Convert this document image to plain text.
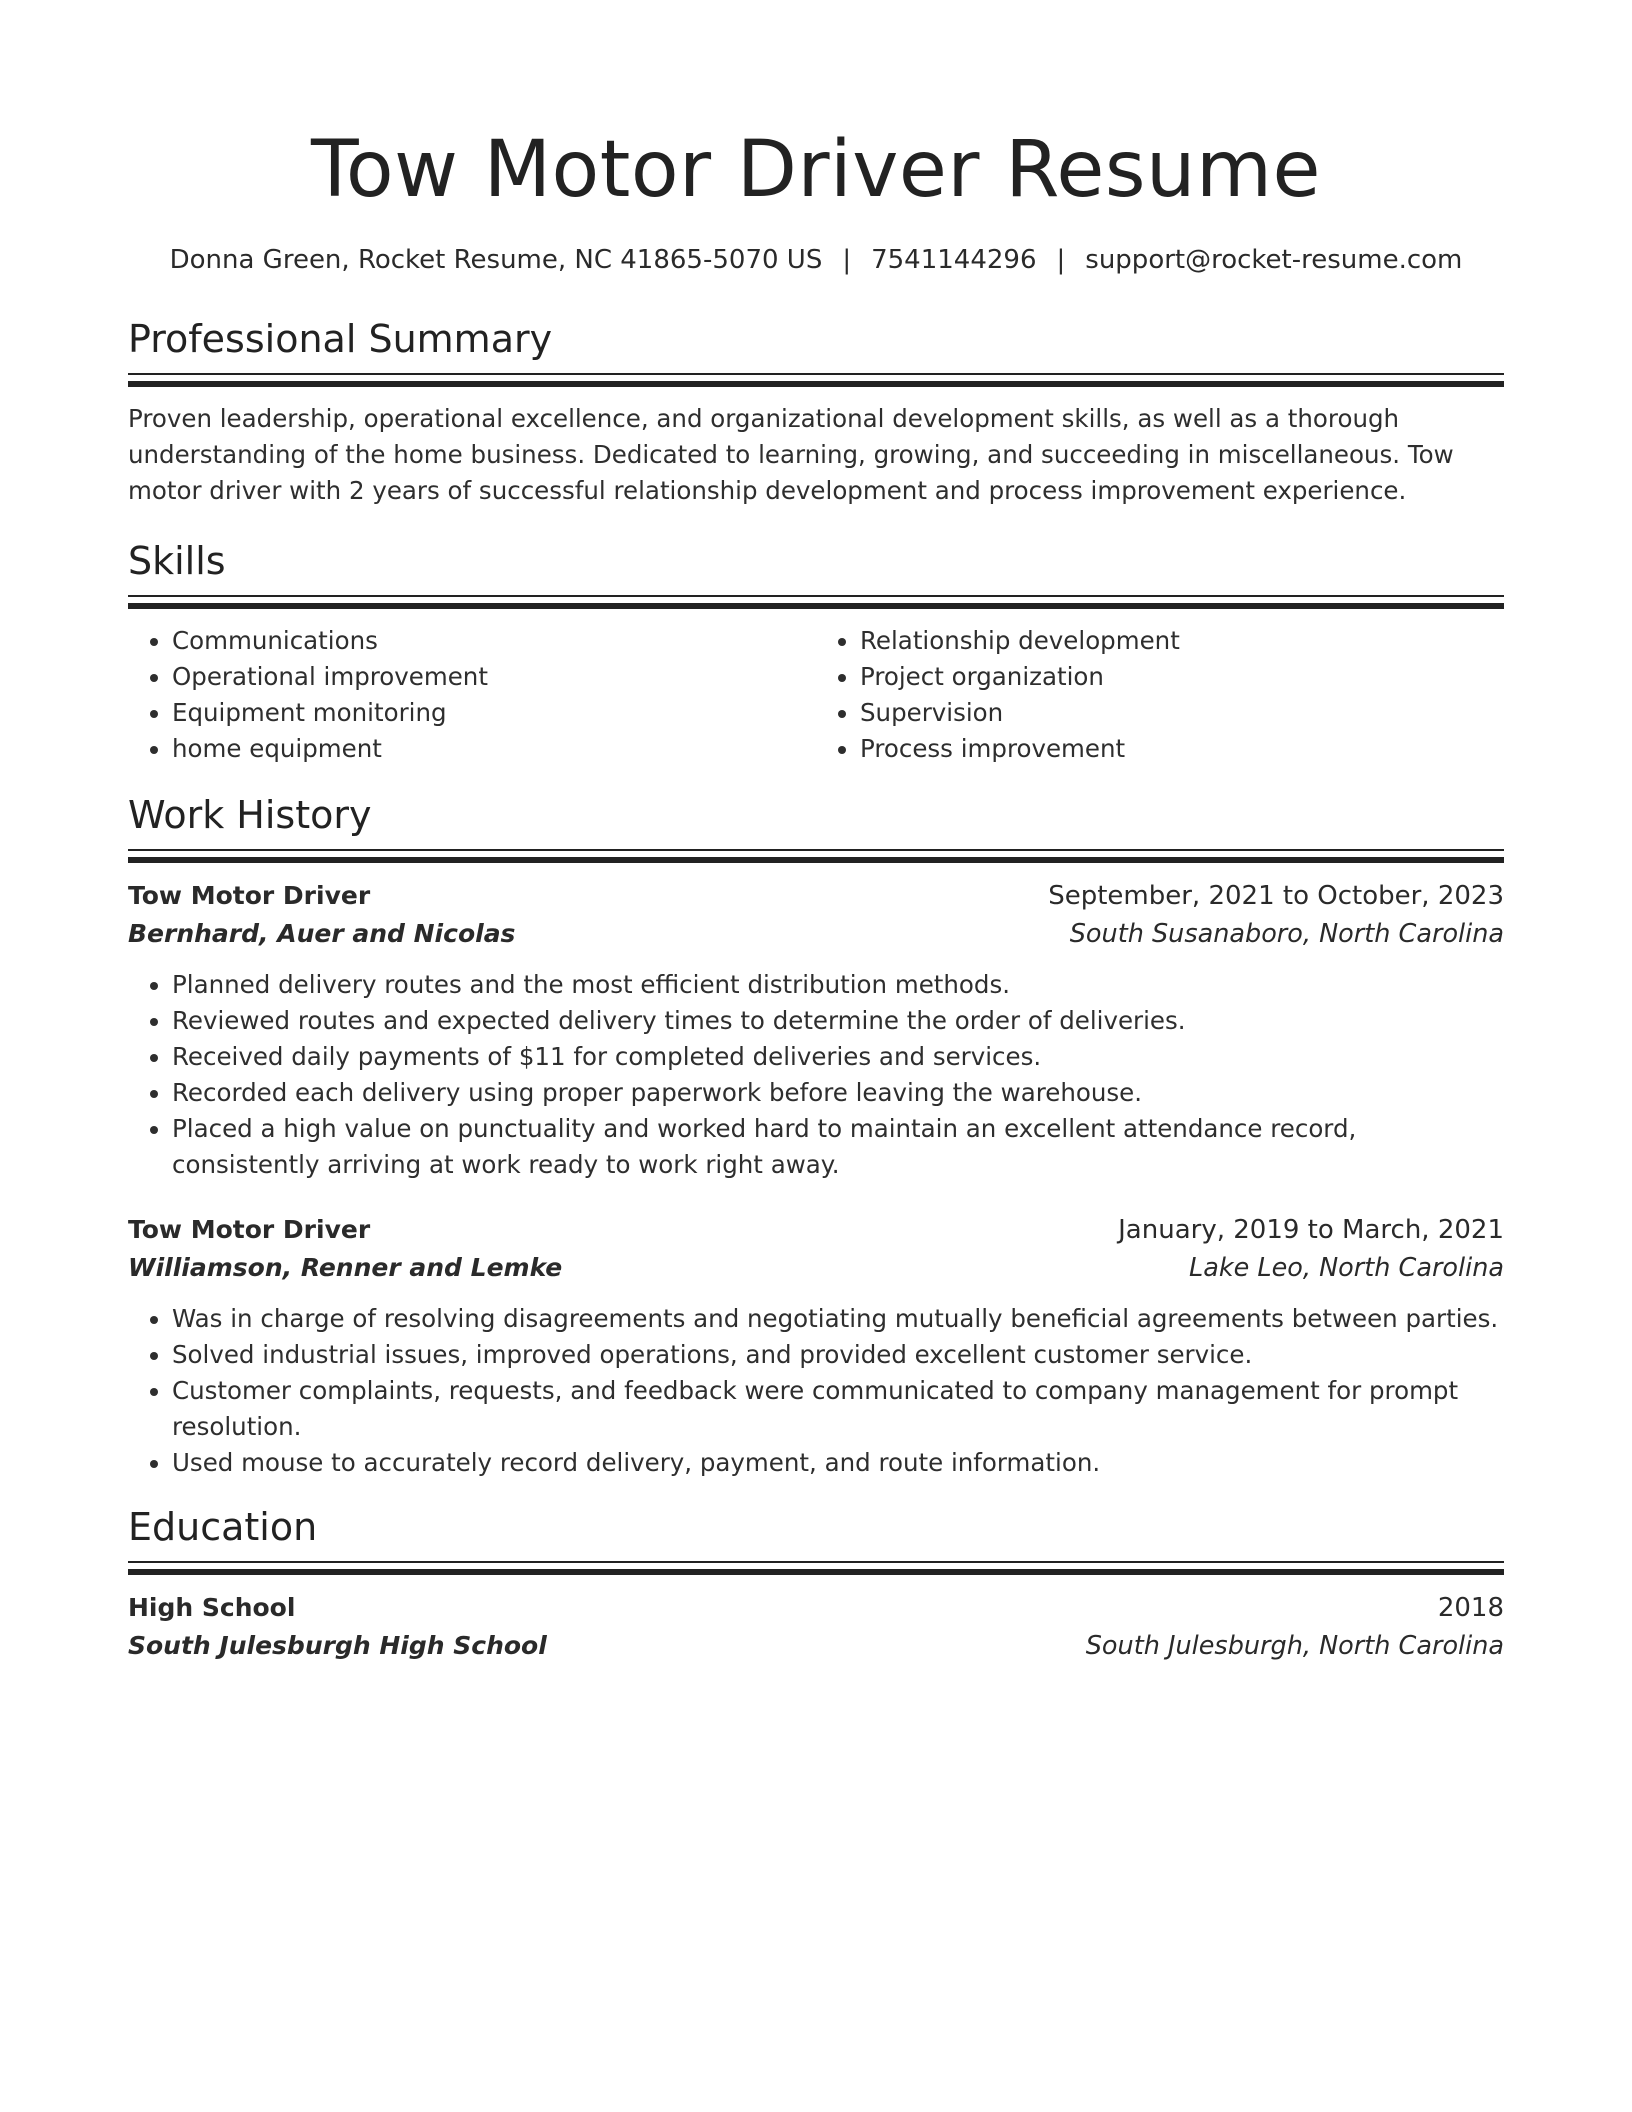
Tow Motor Driver Resume
Donna Green, Rocket Resume, NC 41865-5070 US | 7541144296 | support@rocket-resume.com
Professional Summary

Proven leadership, operational excellence, and organizational development skills, as well as a thorough understanding of the home business. Dedicated to learning, growing, and succeeding in miscellaneous. Tow motor driver with 2 years of successful relationship development and process improvement experience.

Skills
• Communications
• Operational improvement
• Equipment monitoring
• home equipment
• Relationship development
• Project organization
• Supervision
• Process improvement
Work History
Tow Motor Driver	September, 2021 to October, 2023
Bernhard, Auer and Nicolas	South Susanaboro, North Carolina
• Planned delivery routes and the most efficient distribution methods.
• Reviewed routes and expected delivery times to determine the order of deliveries.
• Received daily payments of $11 for completed deliveries and services.
• Recorded each delivery using proper paperwork before leaving the warehouse.
• Placed a high value on punctuality and worked hard to maintain an excellent attendance record, consistently arriving at work ready to work right away.
Tow Motor Driver	January, 2019 to March, 2021
Williamson, Renner and Lemke	Lake Leo, North Carolina
• Was in charge of resolving disagreements and negotiating mutually beneficial agreements between parties.
• Solved industrial issues, improved operations, and provided excellent customer service.
• Customer complaints, requests, and feedback were communicated to company management for prompt resolution.
• Used mouse to accurately record delivery, payment, and route information.
Education
High School	2018
South Julesburgh High School	South Julesburgh, North Carolina
